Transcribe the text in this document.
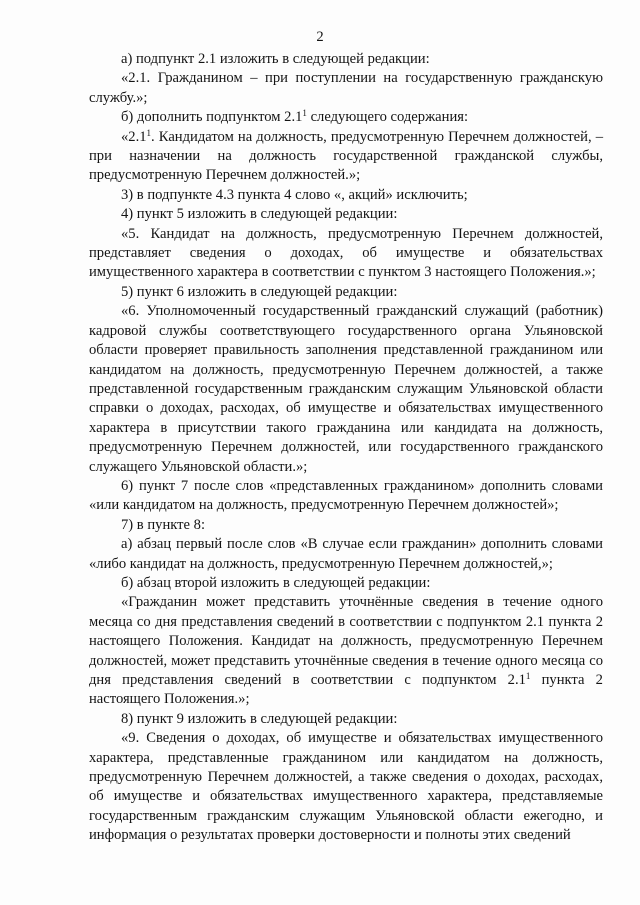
2

а) подпункт 2.1 изложить в следующей редакции:

«2.1. Гражданином – при поступлении на государственную гражданскую службу.»;

б) дополнить подпунктом $2.1^1$ следующего содержания:

«$2.1^1$. Кандидатом на должность, предусмотренную Перечнем должностей, – при назначении на должность государственной гражданской службы, предусмотренную Перечнем должностей.»;

3) в подпункте 4.3 пункта 4 слово «, акций» исключить;

4) пункт 5 изложить в следующей редакции:

«5. Кандидат на должность, предусмотренную Перечнем должностей, представляет сведения о доходах, об имуществе и обязательствах имущественного характера в соответствии с пунктом 3 настоящего Положения.»;

5) пункт 6 изложить в следующей редакции:

«6. Уполномоченный государственный гражданский служащий (работник) кадровой службы соответствующего государственного органа Ульяновской области проверяет правильность заполнения представленной гражданином или кандидатом на должность, предусмотренную Перечнем должностей, а также представленной государственным гражданским служащим Ульяновской области справки о доходах, расходах, об имуществе и обязательствах имущественного характера в присутствии такого гражданина или кандидата на должность, предусмотренную Перечнем должностей, или государственного гражданского служащего Ульяновской области.»;

6) пункт 7 после слов «представленных гражданином» дополнить словами «или кандидатом на должность, предусмотренную Перечнем должностей»;

7) в пункте 8:

а) абзац первый после слов «В случае если гражданин» дополнить словами «либо кандидат на должность, предусмотренную Перечнем должностей,»;

б) абзац второй изложить в следующей редакции:

«Гражданин может представить уточнённые сведения в течение одного месяца со дня представления сведений в соответствии с подпунктом 2.1 пункта 2 настоящего Положения. Кандидат на должность, предусмотренную Перечнем должностей, может представить уточнённые сведения в течение одного месяца со дня представления сведений в соответствии с подпунктом $2.1^1$ пункта 2 настоящего Положения.»;

8) пункт 9 изложить в следующей редакции:

«9. Сведения о доходах, об имуществе и обязательствах имущественного характера, представленные гражданином или кандидатом на должность, предусмотренную Перечнем должностей, а также сведения о доходах, расходах, об имуществе и обязательствах имущественного характера, представляемые государственным гражданским служащим Ульяновской области ежегодно, и информация о результатах проверки достоверности и полноты этих сведений
